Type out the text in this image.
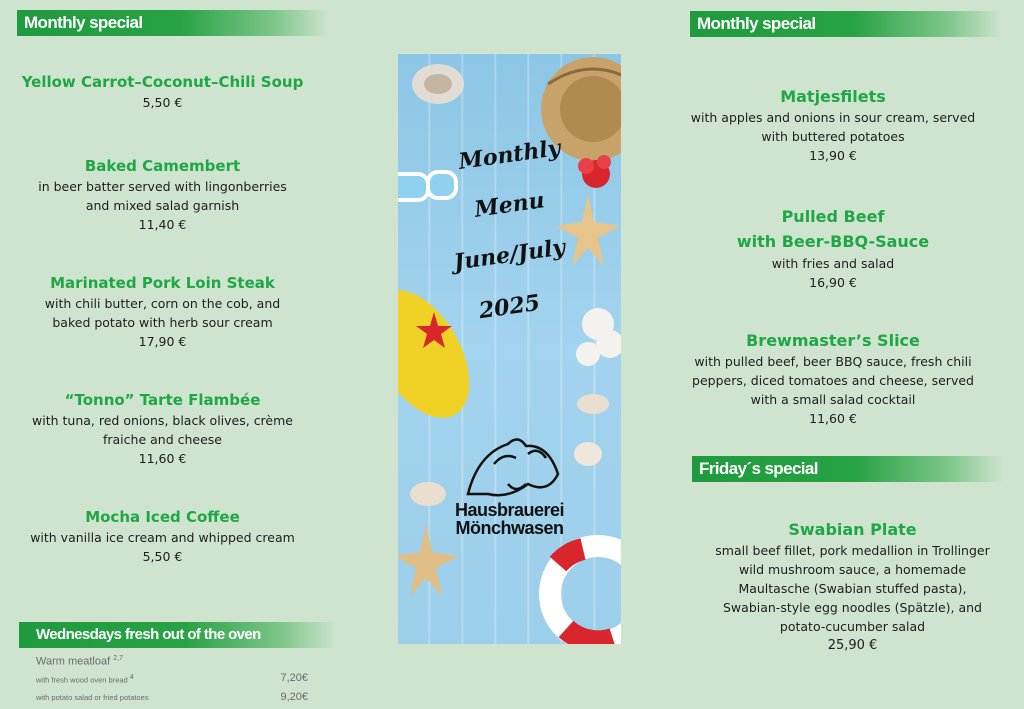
Monthly special
Yellow Carrot–Coconut–Chili Soup
5,50 €
Baked Camembert
in beer batter served with lingonberries
and mixed salad garnish
11,40 €
Marinated Pork Loin Steak
with chili butter, corn on the cob, and
baked potato with herb sour cream
17,90 €
“Tonno” Tarte Flambée
with tuna, red onions, black olives, crème
fraiche and cheese
11,60 €
Mocha Iced Coffee
with vanilla ice cream and whipped cream
5,50 €
Wednesdays fresh out of the oven
Warm meatloaf $^{2,7}$
with fresh wood oven bread $^4$	7,20€
with potato salad or fried potatoes	9,20€
Monthly
Menu
June/July
2025
Hausbrauerei
Mönchwasen
Monthly special
Matjesfilets
with apples and onions in sour cream, served
with buttered potatoes
13,90 €
Pulled Beef
with Beer-BBQ-Sauce
with fries and salad
16,90 €
Brewmaster’s Slice
with pulled beef, beer BBQ sauce, fresh chili
peppers, diced tomatoes and cheese, served
with a small salad cocktail
11,60 €
Friday´s special
Swabian Plate
small beef fillet, pork medallion in Trollinger
wild mushroom sauce, a homemade
Maultasche (Swabian stuffed pasta),
Swabian-style egg noodles (Spätzle), and
potato-cucumber salad
25,90 €
